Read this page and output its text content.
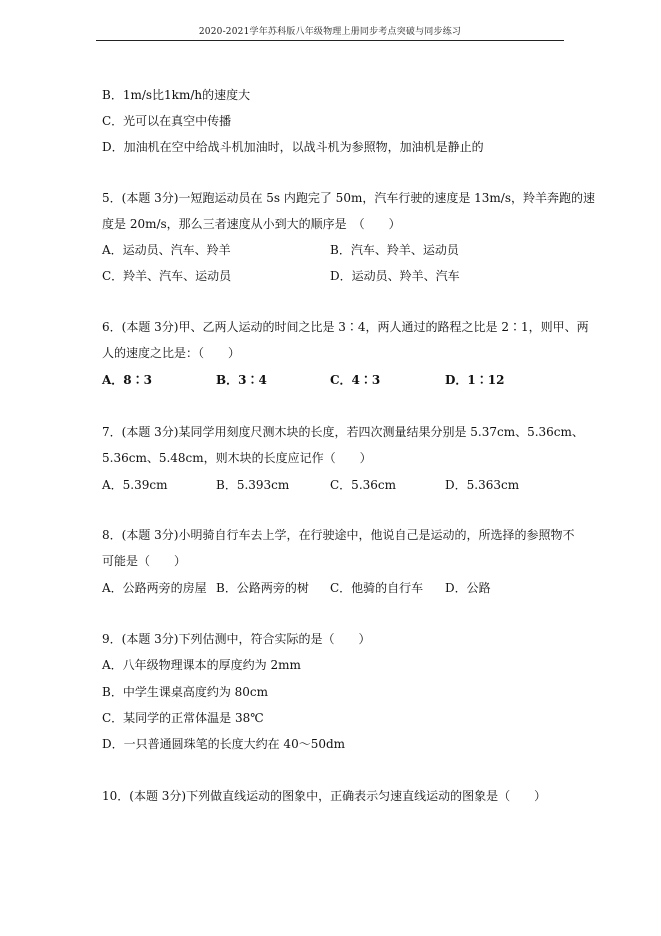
2020-2021学年苏科版八年级物理上册同步考点突破与同步练习
B．1m/s比1km/h的速度大
C．光可以在真空中传播
D．加油机在空中给战斗机加油时，以战斗机为参照物，加油机是静止的
5．(本题 3分)一短跑运动员在 5s 内跑完了 50m，汽车行驶的速度是 13m/s，羚羊奔跑的速
度是 20m/s，那么三者速度从小到大的顺序是　（　　）
A．运动员、汽车、羚羊	B．汽车、羚羊、运动员
C．羚羊、汽车、运动员	D．运动员、羚羊、汽车
6．(本题 3分)甲、乙两人运动的时间之比是 3∶4，两人通过的路程之比是 2∶1，则甲、两
人的速度之比是：（　　）
A．8∶3	B．3∶4	C．4∶3	D．1∶12
7．(本题 3分)某同学用刻度尺测木块的长度，若四次测量结果分别是 5.37cm、5.36cm、
5.36cm、5.48cm，则木块的长度应记作（　　）
A．5.39cm	B．5.393cm	C．5.36cm	D．5.363cm
8．(本题 3分)小明骑自行车去上学，在行驶途中，他说自己是运动的，所选择的参照物不
可能是（　　）
A．公路两旁的房屋 B．公路两旁的树 C．他骑的自行车 D．公路
9．(本题 3分)下列估测中，符合实际的是（　　）
A．八年级物理课本的厚度约为 2mm
B．中学生课桌高度约为 80cm
C．某同学的正常体温是 38℃
D．一只普通圆珠笔的长度大约在 40～50dm
10．(本题 3分)下列做直线运动的图象中，正确表示匀速直线运动的图象是（　　）
